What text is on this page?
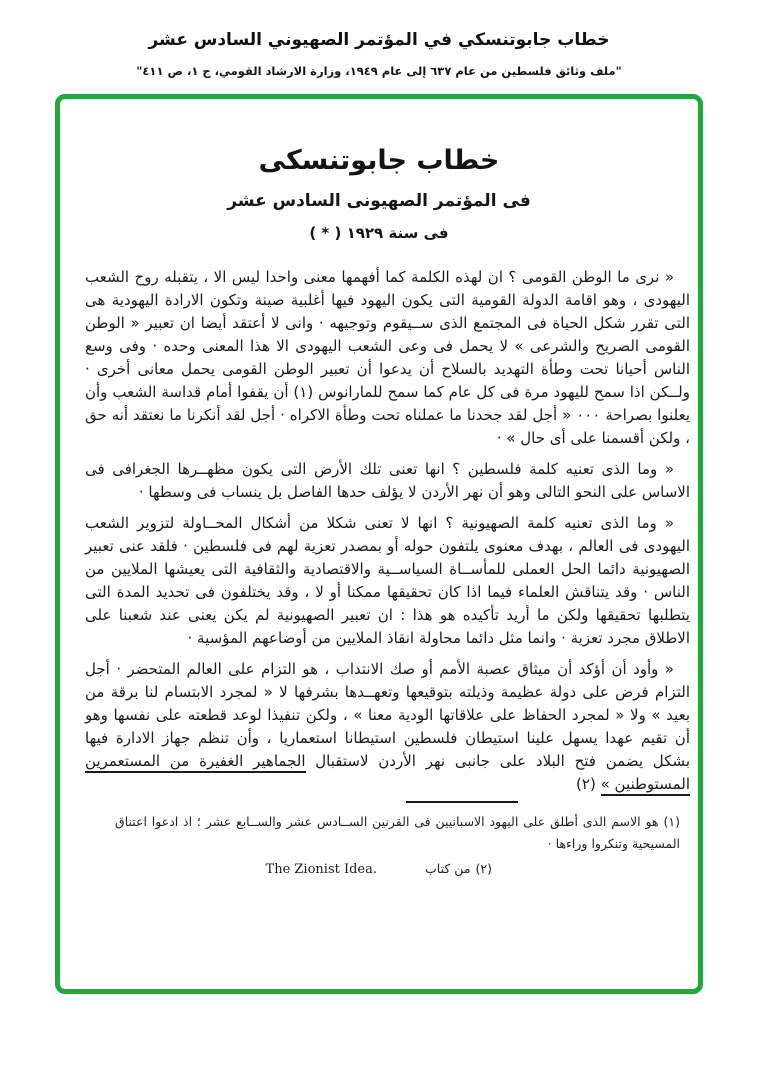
خطاب جابوتنسكي في المؤتمر الصهيوني السادس عشر
"ملف وثائق فلسطين من عام ٦٣٧ إلى عام ١٩٤٩، وزارة الارشاد القومي، ج ١، ص ٤١١"
خطاب جابوتنسكى
فى المؤتمر الصهيونى السادس عشر
فى سنة ١٩٢٩ ( * )

« نرى ما الوطن القومى ؟ ان لهذه الكلمة كما أفهمها معنى واحدا ليس الا ، يتقبله روح الشعب اليهودى ، وهو اقامة الدولة القومية التى يكون اليهود فيها أغلبية صينة وتكون الارادة اليهودية هى التى تقرر شكل الحياة فى المجتمع الذى ســيقوم وتوجيهه · وانى لا أعتقد أيضا ان تعبير « الوطن القومى الصريح والشرعى » لا يحمل فى وعى الشعب اليهودى الا هذا المعنى وحده · وفى وسع الناس أحيانا تحت وطأة التهديد بالسلاح أن يدعوا أن تعبير الوطن القومى يحمل معانى أخرى · ولــكن اذا سمح لليهود مرة فى كل عام كما سمح للمارانوس (١) أن يقفوا أمام قداسة الشعب وأن يعلنوا بصراحة ٠٠٠ « أجل لقد جحدنا ما عملناه تحت وطأة الاكراه · أجل لقد أنكرنا ما نعتقد أنه حق ، ولكن أقسمنا على أى حال » ·

« وما الذى تعنيه كلمة فلسطين ؟ انها تعنى تلك الأرض التى يكون مظهــرها الجغرافى فى الاساس على النحو التالى وهو أن نهر الأردن لا يؤلف حدها الفاصل بل ينساب فى وسطها ·

« وما الذى تعنيه كلمة الصهيونية ؟ انها لا تعنى شكلا من أشكال المحــاولة لتزوير الشعب اليهودى فى العالم ، بهدف معنوى يلتفون حوله أو بمصدر تعزية لهم فى فلسطين · فلقد عنى تعبير الصهيونية دائما الحل العملى للمأســاة السياســية والاقتصادية والثقافية التى يعيشها الملايين من الناس · وقد يتناقش العلماء فيما اذا كان تحقيقها ممكنا أو لا ، وقد يختلفون فى تحديد المدة التى يتطلبها تحقيقها ولكن ما أريد تأكيده هو هذا : ان تعبير الصهيونية لم يكن يعنى عند شعبنا على الاطلاق مجرد تعزية · وانما مثل دائما محاولة انقاذ الملايين من أوضاعهم المؤسية ·

« وأود أن أؤكد أن ميثاق عصبة الأمم أو صك الانتداب ، هو التزام على العالم المتحضر · أجل التزام فرض على دولة عظيمة وذيلته بتوقيعها وتعهــدها بشرفها لا « لمجرد الابتسام لنا برقة من بعيد » ولا « لمجرد الحفاظ على علاقاتها الودية معنا » ، ولكن تنفيذا لوعد قطعته على نفسها وهو أن تقيم عهدا يسهل علينا استيطان فلسطين استيطانا استعماريا ، وأن تنظم جهاز الادارة فيها بشكل يضمن فتح البلاد على جانبى نهر الأردن لاستقبال الجماهير الغفيرة من المستعمرين المستوطنين » (٢)

(١)هو الاسم الذى أطلق على اليهود الاسبانيين فى القرنين الســادس عشر والســابع عشر ؛ اذ ادعوا اعتناق المسيحية وتنكروا وراءها ·

(٢)من كتابThe Zionist Idea.
